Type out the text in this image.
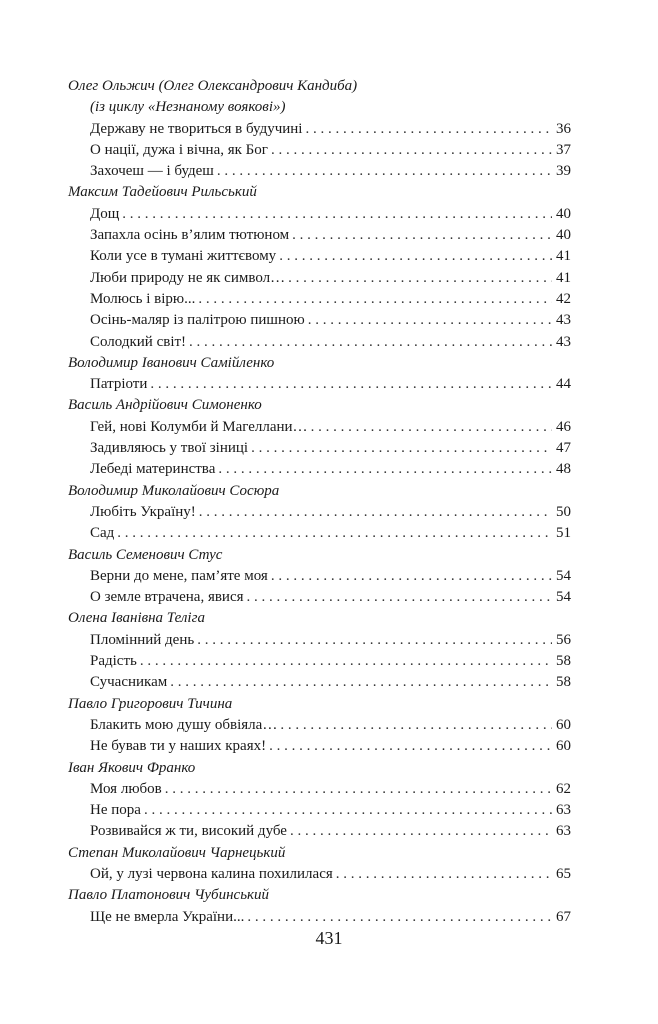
Олег Ольжич (Олег Олександрович Кандиба)
(із циклу «Незнаному воякові»)
Державу не твориться в будучині . . .	36
О нації, дужа і вічна, як Бог . . .	37
Захочеш — і будеш . . .	39
Максим Тадейович Рильський
Дощ . . .	40
Запахла осінь в’ялим тютюном . . .	40
Коли усе в тумані життєвому . . .	41
Люби природу не як символ… . . .	41
Молюсь і вірю... . . .	42
Осінь-маляр із палітрою пишною . . .	43
Солодкий світ! . . .	43
Володимир Іванович Самійленко
Патріоти . . .	44
Василь Андрійович Симоненко
Гей, нові Колумби й Магеллани… . . .	46
Задивляюсь у твої зіниці . . .	47
Лебеді материнства . . .	48
Володимир Миколайович Сосюра
Любіть Україну! . . .	50
Сад . . .	51
Василь Семенович Стус
Верни до мене, пам’яте моя . . .	54
О земле втрачена, явися . . .	54
Олена Іванівна Теліга
Пломінний день . . .	56
Радість . . .	58
Сучасникам . . .	58
Павло Григорович Тичина
Блакить мою душу обвіяла… . . .	60
Не бував ти у наших краях! . . .	60
Іван Якович Франко
Моя любов . . .	62
Не пора . . .	63
Розвивайся ж ти, високий дубе . . .	63
Степан Миколайович Чарнецький
Ой, у лузі червона калина похилилася . . .	65
Павло Платонович Чубинський
Ще не вмерла України... . . .	67
431
